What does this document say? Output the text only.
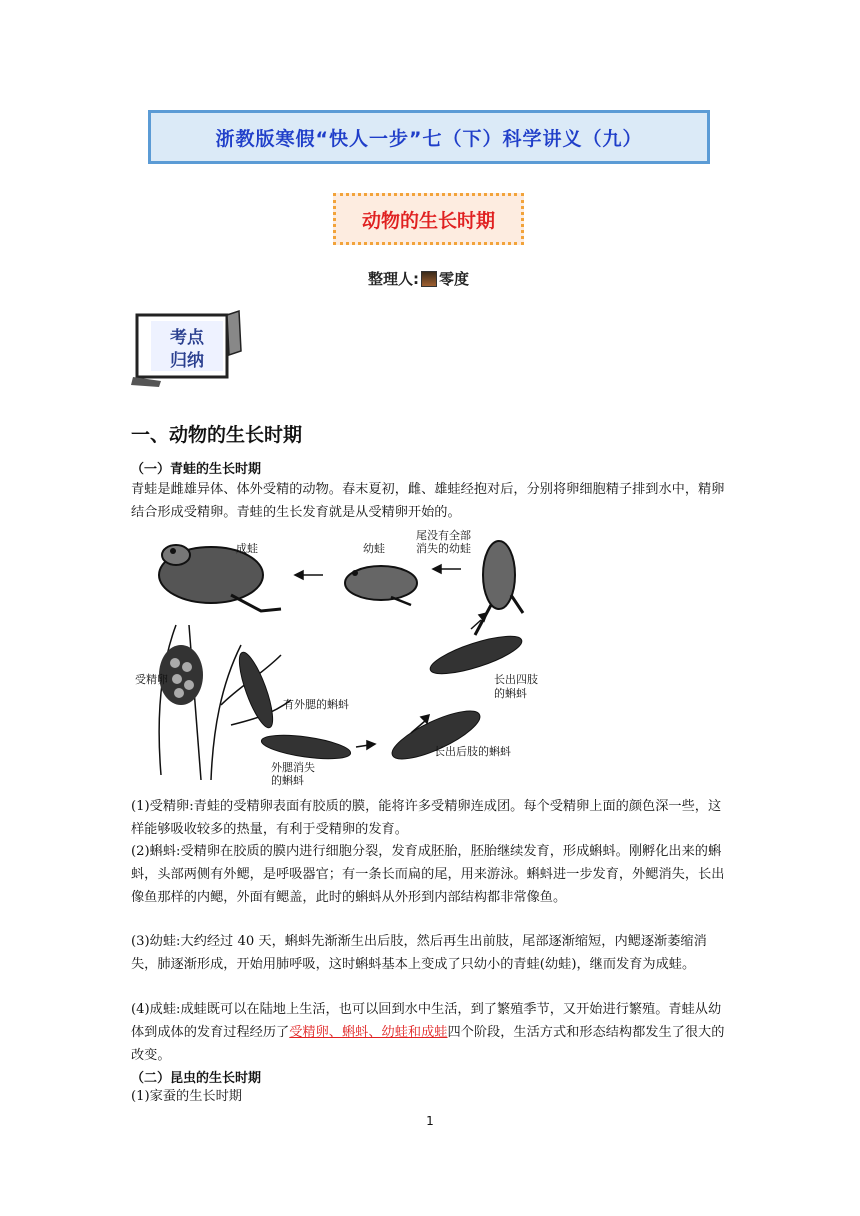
浙教版寒假“快人一步”七（下）科学讲义（九）
动物的生长时期
整理人: 零度
考点
归纳
一、动物的生长时期
（一）青蛙的生长时期
青蛙是雌雄异体、体外受精的动物。春末夏初，雌、雄蛙经抱对后，分别将卵细胞精子排到水中，精卵结合形成受精卵。青蛙的生长发育就是从受精卵开始的。
成蛙	幼蛙
尾没有全部
消失的幼蛙
受精卵
有外腮的蝌蚪
长出四肢
的蝌蚪
长出后肢的蝌蚪
外腮消失
的蝌蚪
(1)受精卵:青蛙的受精卵表面有胶质的膜，能将许多受精卵连成团。每个受精卵上面的颜色深一些，这样能够吸收较多的热量，有利于受精卵的发育。
(2)蝌蚪:受精卵在胶质的膜内进行细胞分裂，发育成胚胎，胚胎继续发育，形成蝌蚪。刚孵化出来的蝌蚪，头部两侧有外鳃，是呼吸器官；有一条长而扁的尾，用来游泳。蝌蚪进一步发育，外鳃消失，长出像鱼那样的内鳃，外面有鳃盖，此时的蝌蚪从外形到内部结构都非常像鱼。
(3)幼蛙:大约经过 40 天，蝌蚪先渐渐生出后肢，然后再生出前肢，尾部逐渐缩短，内鳃逐渐萎缩消失，肺逐渐形成，开始用肺呼吸，这时蝌蚪基本上变成了只幼小的青蛙(幼蛙)，继而发育为成蛙。
(4)成蛙:成蛙既可以在陆地上生活，也可以回到水中生活，到了繁殖季节，又开始进行繁殖。青蛙从幼体到成体的发育过程经历了受精卵、蝌蚪、幼蛙和成蛙四个阶段，生活方式和形态结构都发生了很大的改变。
（二）昆虫的生长时期
(1)家蚕的生长时期
1
